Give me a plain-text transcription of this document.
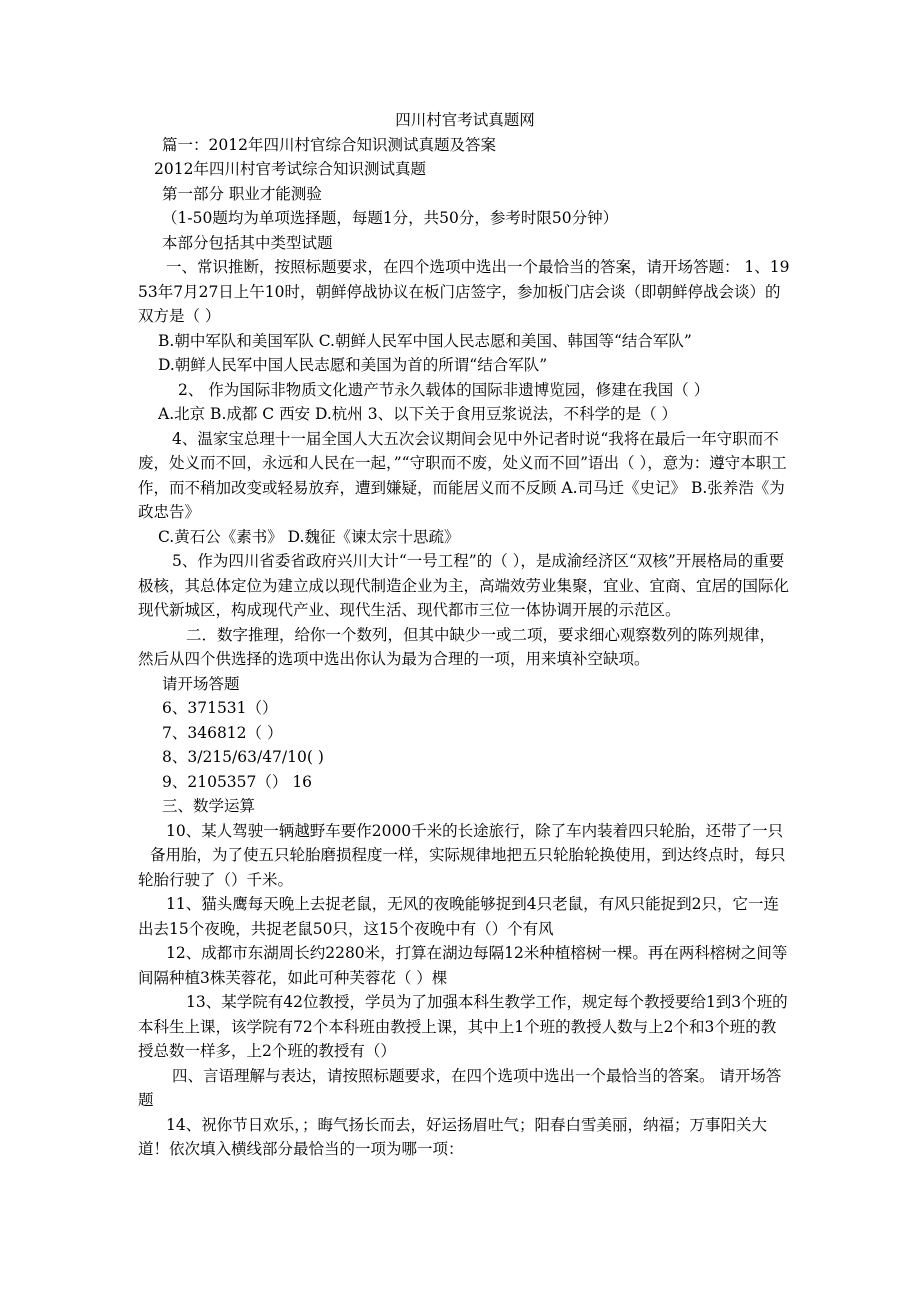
四川村官考试真题网

篇一：2012年四川村官综合知识测试真题及答案

2012年四川村官考试综合知识测试真题

第一部分 职业才能测验

（1-50题均为单项选择题，每题1分，共50分，参考时限50分钟）

本部分包括其中类型试题

一、常识推断，按照标题要求，在四个选项中选出一个最恰当的答案，请开场答题： 1、1953年7月27日上午10时，朝鲜停战协议在板门店签字，参加板门店会谈（即朝鲜停战会谈）的双方是（ ）

B.朝中军队和美国军队 C.朝鲜人民军中国人民志愿和美国、韩国等“结合军队”

D.朝鲜人民军中国人民志愿和美国为首的所谓“结合军队”

2、 作为国际非物质文化遗产节永久载体的国际非遗博览园，修建在我国（ ）

A.北京 B.成都 C 西安 D.杭州 3、以下关于食用豆浆说法，不科学的是（ ）

4、温家宝总理十一届全国人大五次会议期间会见中外记者时说“我将在最后一年守职而不废，处义而不回，永远和人民在一起，”“守职而不废，处义而不回”语出（ ），意为：遵守本职工作，而不稍加改变或轻易放弃，遭到嫌疑，而能居义而不反顾 A.司马迁《史记》 B.张养浩《为政忠告》

C.黄石公《素书》 D.魏征《谏太宗十思疏》

5、作为四川省委省政府兴川大计“一号工程”的（ ），是成渝经济区“双核”开展格局的重要极核，其总体定位为建立成以现代制造企业为主，高端效劳业集聚，宜业、宜商、宜居的国际化现代新城区，构成现代产业、现代生活、现代都市三位一体协调开展的示范区。

二．数字推理，给你一个数列，但其中缺少一或二项，要求细心观察数列的陈列规律，然后从四个供选择的选项中选出你认为最为合理的一项，用来填补空缺项。

请开场答题

6、371531（）

7、346812（ ）

8、3/215/63/47/10( )

9、2105357（） 16

三、数学运算

10、某人驾驶一辆越野车要作2000千米的长途旅行，除了车内装着四只轮胎，还带了一只

备用胎，为了使五只轮胎磨损程度一样，实际规律地把五只轮胎轮换使用，到达终点时，每只轮胎行驶了（）千米。

11、猫头鹰每天晚上去捉老鼠，无风的夜晚能够捉到4只老鼠，有风只能捉到2只，它一连出去15个夜晚，共捉老鼠50只，这15个夜晚中有（）个有风

12、成都市东湖周长约2280米，打算在湖边每隔12米种植榕树一棵。再在两科榕树之间等间隔种植3株芙蓉花，如此可种芙蓉花（ ）棵

13、某学院有42位教授，学员为了加强本科生教学工作，规定每个教授要给1到3个班的本科生上课，该学院有72个本科班由教授上课，其中上1个班的教授人数与上2个和3个班的教授总数一样多，上2个班的教授有（）

四、言语理解与表达，请按照标题要求，在四个选项中选出一个最恰当的答案。 请开场答题

14、祝你节日欢乐，；晦气扬长而去，好运扬眉吐气；阳春白雪美丽，纳福；万事阳关大道！依次填入横线部分最恰当的一项为哪一项：
